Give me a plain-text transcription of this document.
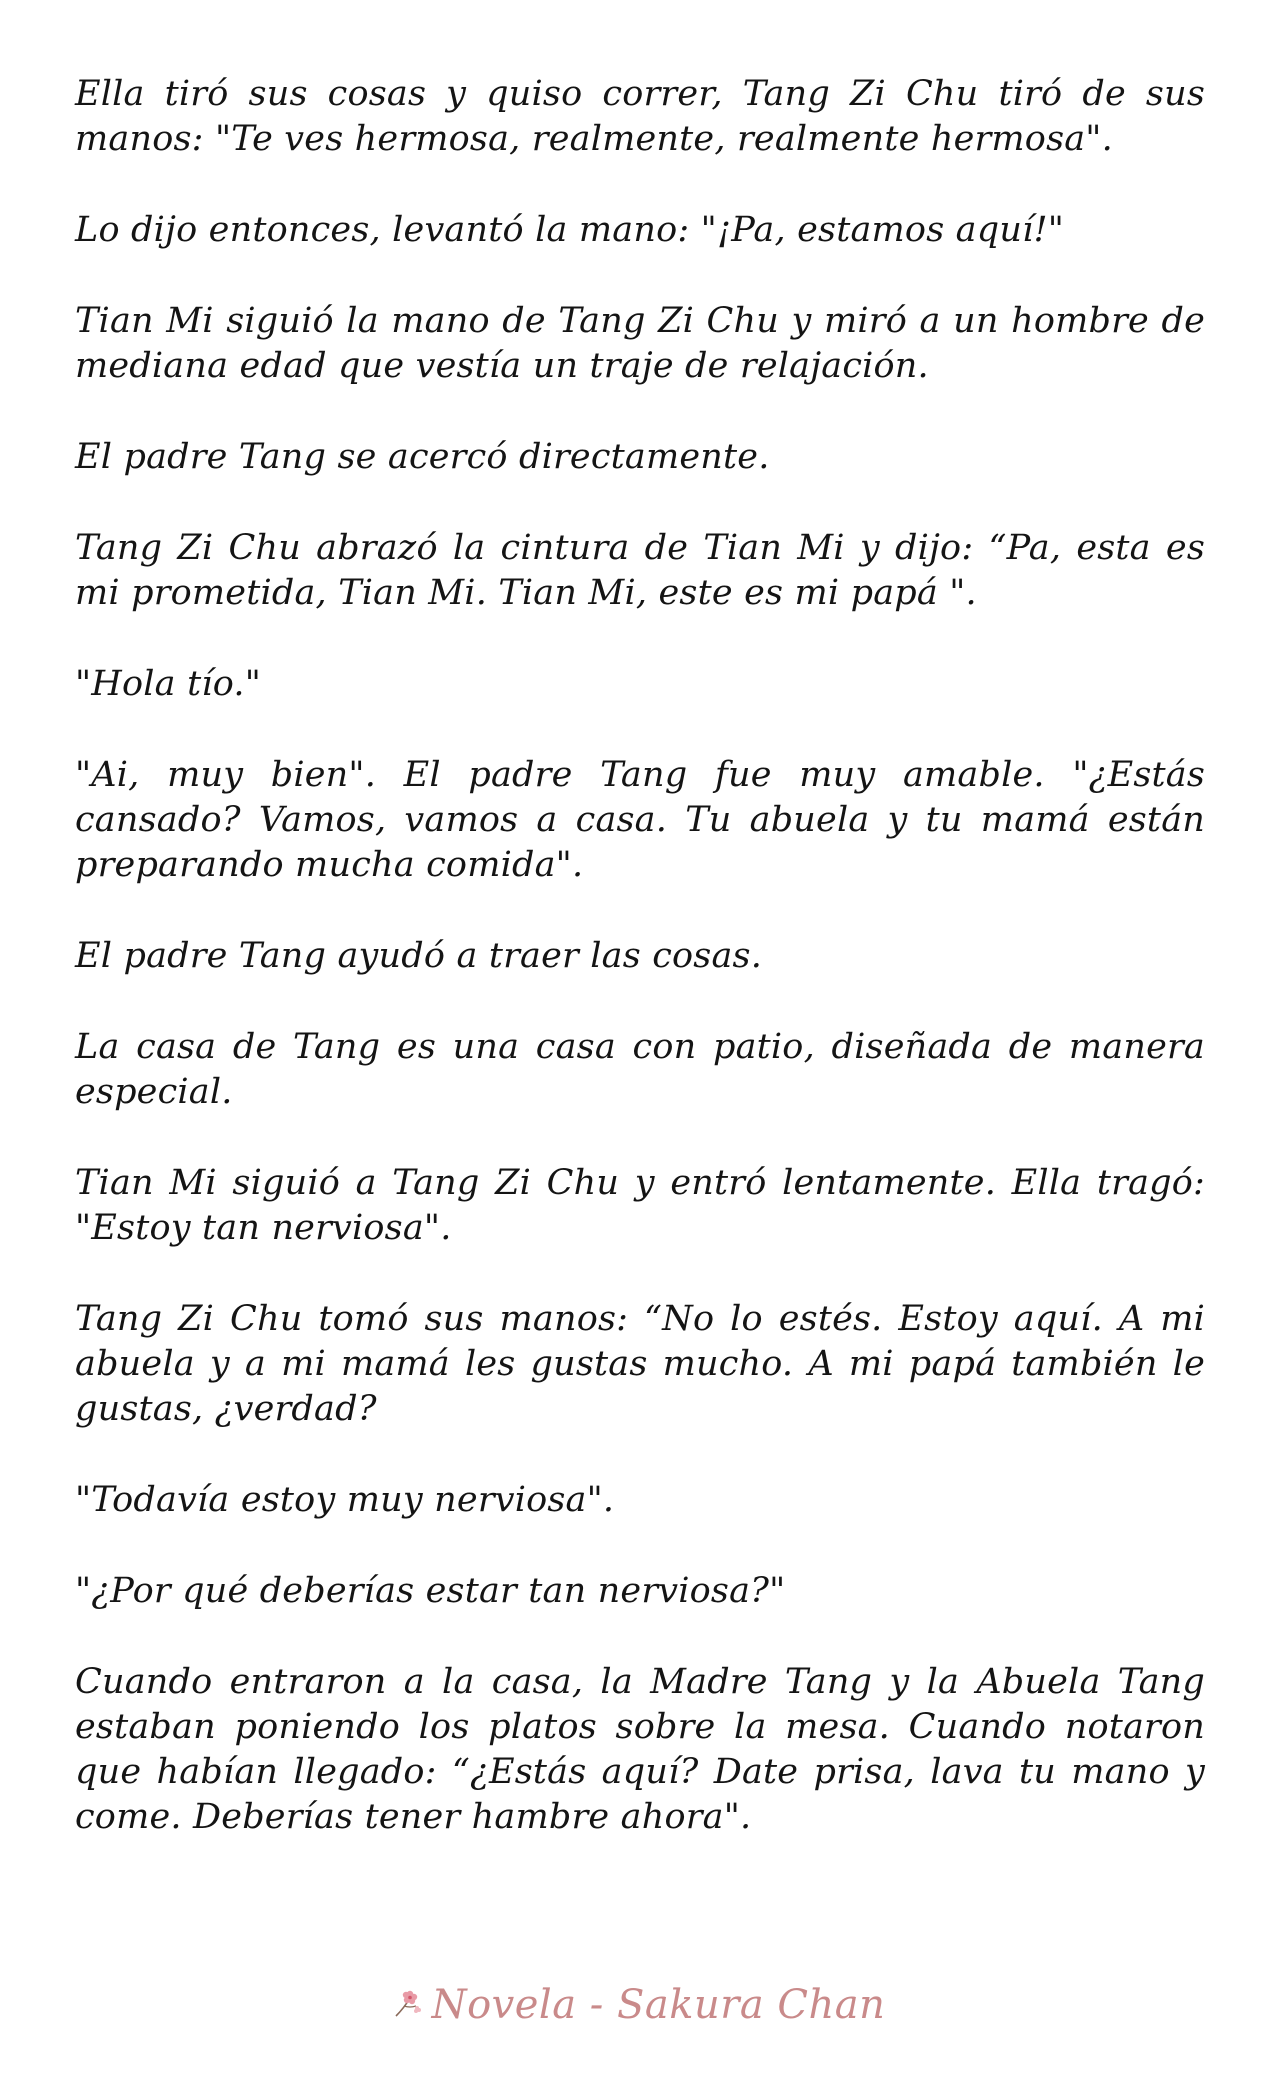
Ella tiró sus cosas y quiso correr, Tang Zi Chu tiró de sus manos: "Te ves hermosa, realmente, realmente hermosa".

Lo dijo entonces, levantó la mano: "¡Pa, estamos aquí!"

Tian Mi siguió la mano de Tang Zi Chu y miró a un hombre de mediana edad que vestía un traje de relajación.

El padre Tang se acercó directamente.

Tang Zi Chu abrazó la cintura de Tian Mi y dijo: “Pa, esta es mi prometida, Tian Mi. Tian Mi, este es mi papá ".

"Hola tío."

"Ai, muy bien". El padre Tang fue muy amable. "¿Estás cansado? Vamos, vamos a casa. Tu abuela y tu mamá están preparando mucha comida".

El padre Tang ayudó a traer las cosas.

La casa de Tang es una casa con patio, diseñada de manera especial.

Tian Mi siguió a Tang Zi Chu y entró lentamente. Ella tragó: "Estoy tan nerviosa".

Tang Zi Chu tomó sus manos: “No lo estés. Estoy aquí. A mi abuela y a mi mamá les gustas mucho. A mi papá también le gustas, ¿verdad?

"Todavía estoy muy nerviosa".

"¿Por qué deberías estar tan nerviosa?"

Cuando entraron a la casa, la Madre Tang y la Abuela Tang estaban poniendo los platos sobre la mesa. Cuando notaron que habían llegado: “¿Estás aquí? Date prisa, lava tu mano y come. Deberías tener hambre ahora".

Novela - Sakura Chan
